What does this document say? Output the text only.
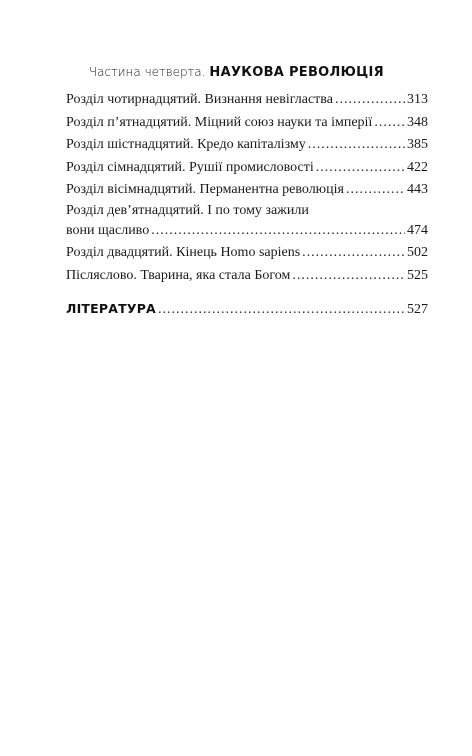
Частина четверта. НАУКОВА РЕВОЛЮЦІЯ
Розділ чотирнадцятий. Визнання невігластва .....	313
Розділ п’ятнадцятий. Міцний союз науки та імперії ..... 348
Розділ шістнадцятий. Кредо капіталізму .....	385
Розділ сімнадцятий. Рушії промисловості .....	422
Розділ вісімнадцятий. Перманентна революція .....	443
Розділ дев’ятнадцятий. І по тому зажили
вони щасливо .....	474
Розділ двадцятий. Кінець Homo sapiens .....	502
Післяслово. Тварина, яка стала Богом .....	525
ЛІТЕРАТУРА .....	527
